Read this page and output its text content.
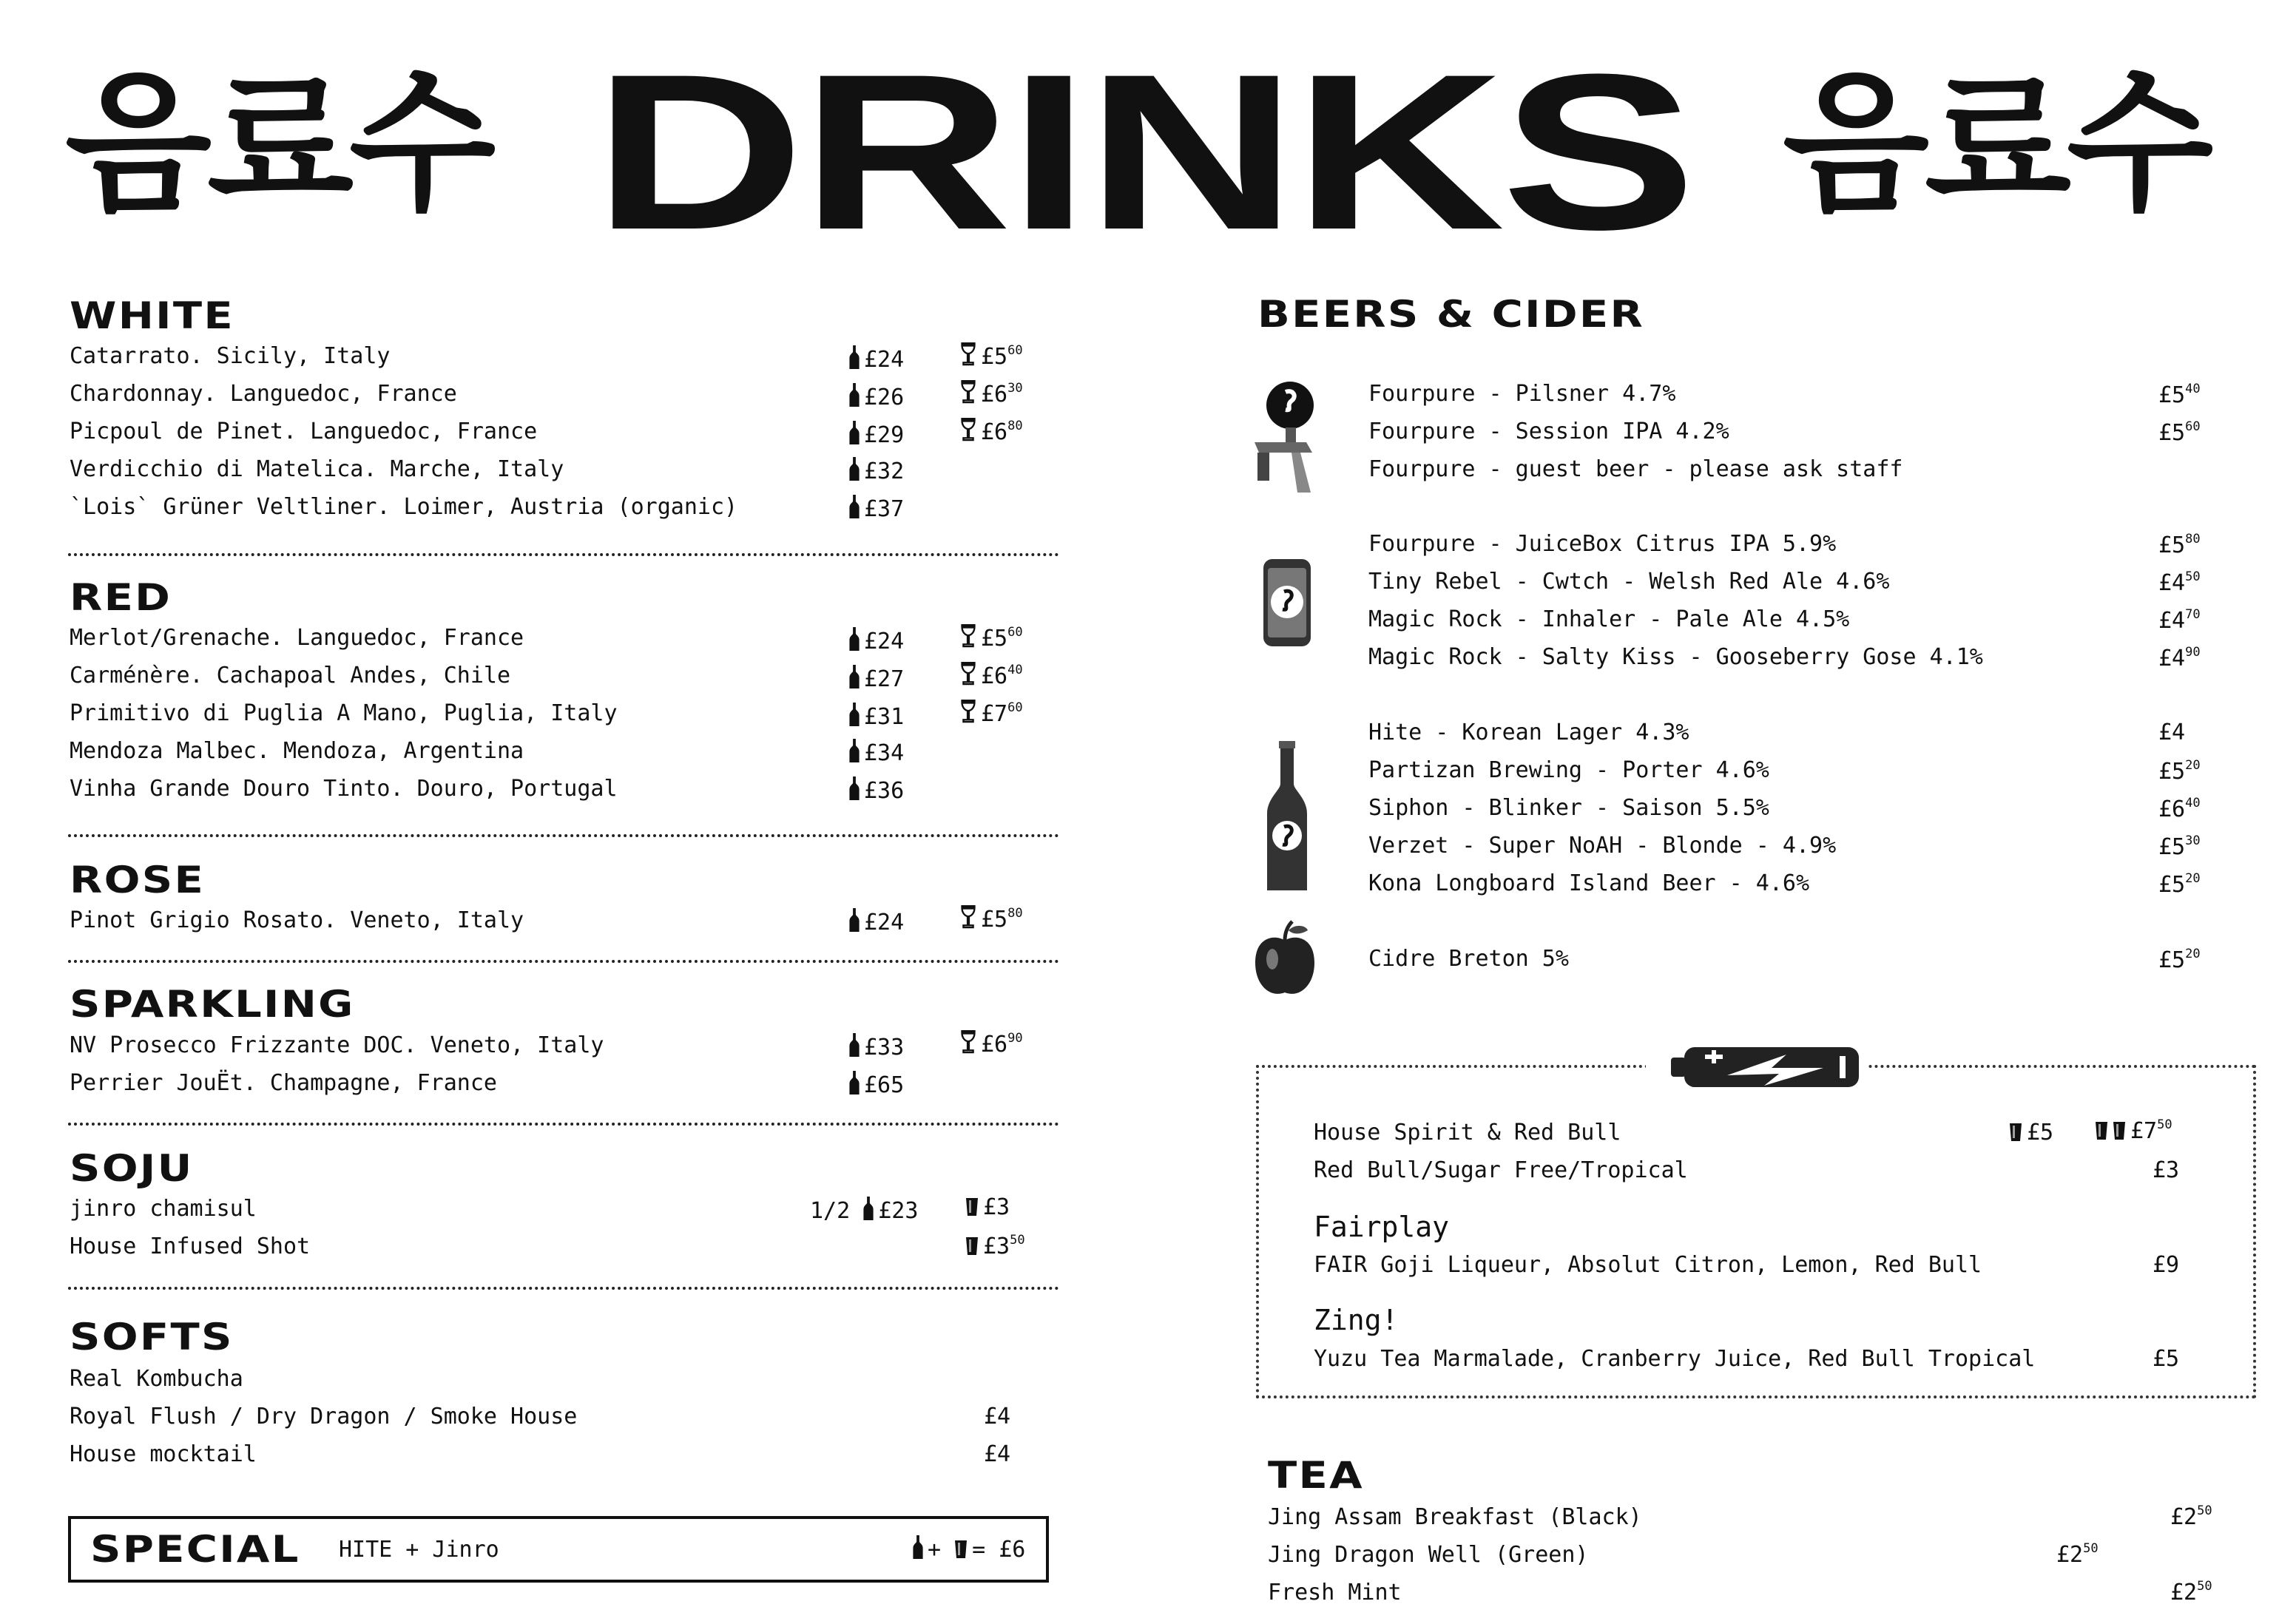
음료수 DRINKS 음료수
WHITE
Catarrato. Sicily, Italy	£24	$£5^{60}$
Chardonnay. Languedoc, France	£26	$£6^{30}$
Picpoul de Pinet. Languedoc, France	£29	$£6^{80}$
Verdicchio di Matelica. Marche, Italy	£32
`Lois` Grüner Veltliner. Loimer, Austria (organic)	£37
RED
Merlot/Grenache. Languedoc, France	£24	$£5^{60}$
Carménère. Cachapoal Andes, Chile	£27	$£6^{40}$
Primitivo di Puglia A Mano, Puglia, Italy	£31	$£7^{60}$
Mendoza Malbec. Mendoza, Argentina	£34
Vinha Grande Douro Tinto. Douro, Portugal	£36
ROSE
Pinot Grigio Rosato. Veneto, Italy	£24	$£5^{80}$
SPARKLING
NV Prosecco Frizzante DOC. Veneto, Italy	£33	$£6^{90}$
Perrier JouËt. Champagne, France	£65
SOJU
jinro chamisul	1/2 £23	£3
House Infused Shot	$£3^{50}$
SOFTS
Real Kombucha
Royal Flush / Dry Dragon / Smoke House	£4
House mocktail	£4
SPECIAL HITE + Jinro	+ = £6
BEERS & CIDER
Fourpure - Pilsner 4.7%	$£5^{40}$
Fourpure - Session IPA 4.2%	$£5^{60}$
Fourpure - guest beer - please ask staff
Fourpure - JuiceBox Citrus IPA 5.9%	$£5^{80}$
Tiny Rebel - Cwtch - Welsh Red Ale 4.6%	$£4^{50}$
Magic Rock - Inhaler - Pale Ale 4.5%	$£4^{70}$
Magic Rock - Salty Kiss - Gooseberry Gose 4.1%	$£4^{90}$
Hite - Korean Lager 4.3%	£4
Partizan Brewing - Porter 4.6%	$£5^{20}$
Siphon - Blinker - Saison 5.5%	$£6^{40}$
Verzet - Super NoAH - Blonde - 4.9%	$£5^{30}$
Kona Longboard Island Beer - 4.6%	$£5^{20}$
Cidre Breton 5%	$£5^{20}$
House Spirit & Red Bull	£5	$£7^{50}$
Red Bull/Sugar Free/Tropical	£3
Fairplay
FAIR Goji Liqueur, Absolut Citron, Lemon, Red Bull	£9
Zing!
Yuzu Tea Marmalade, Cranberry Juice, Red Bull Tropical	£5
TEA
Jing Assam Breakfast (Black)	$£2^{50}$
Jing Dragon Well (Green)	$£2^{50}$
Fresh Mint	$£2^{50}$
